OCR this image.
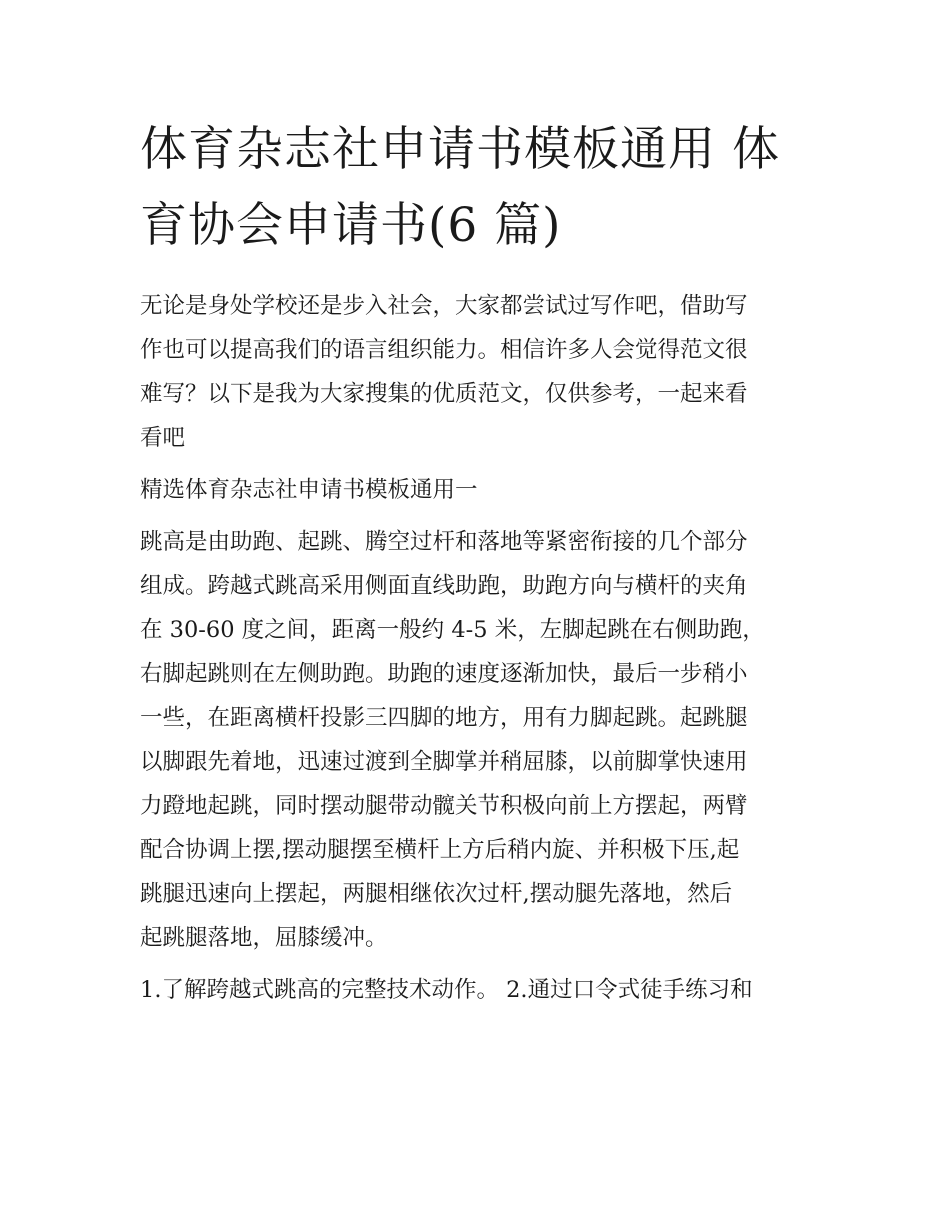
体育杂志社申请书模板通用 体
育协会申请书(6 篇)

无论是身处学校还是步入社会，大家都尝试过写作吧，借助写
作也可以提高我们的语言组织能力。相信许多人会觉得范文很
难写？以下是我为大家搜集的优质范文，仅供参考，一起来看
看吧

精选体育杂志社申请书模板通用一

跳高是由助跑、起跳、腾空过杆和落地等紧密衔接的几个部分
组成。跨越式跳高采用侧面直线助跑，助跑方向与横杆的夹角
在 30-60 度之间，距离一般约 4-5 米，左脚起跳在右侧助跑，
右脚起跳则在左侧助跑。助跑的速度逐渐加快，最后一步稍小
一些，在距离横杆投影三四脚的地方，用有力脚起跳。起跳腿
以脚跟先着地，迅速过渡到全脚掌并稍屈膝，以前脚掌快速用
力蹬地起跳，同时摆动腿带动髋关节积极向前上方摆起，两臂
配合协调上摆,摆动腿摆至横杆上方后稍内旋、并积极下压,起
跳腿迅速向上摆起，两腿相继依次过杆,摆动腿先落地，然后
起跳腿落地，屈膝缓冲。

1.了解跨越式跳高的完整技术动作。 2.通过口令式徒手练习和
